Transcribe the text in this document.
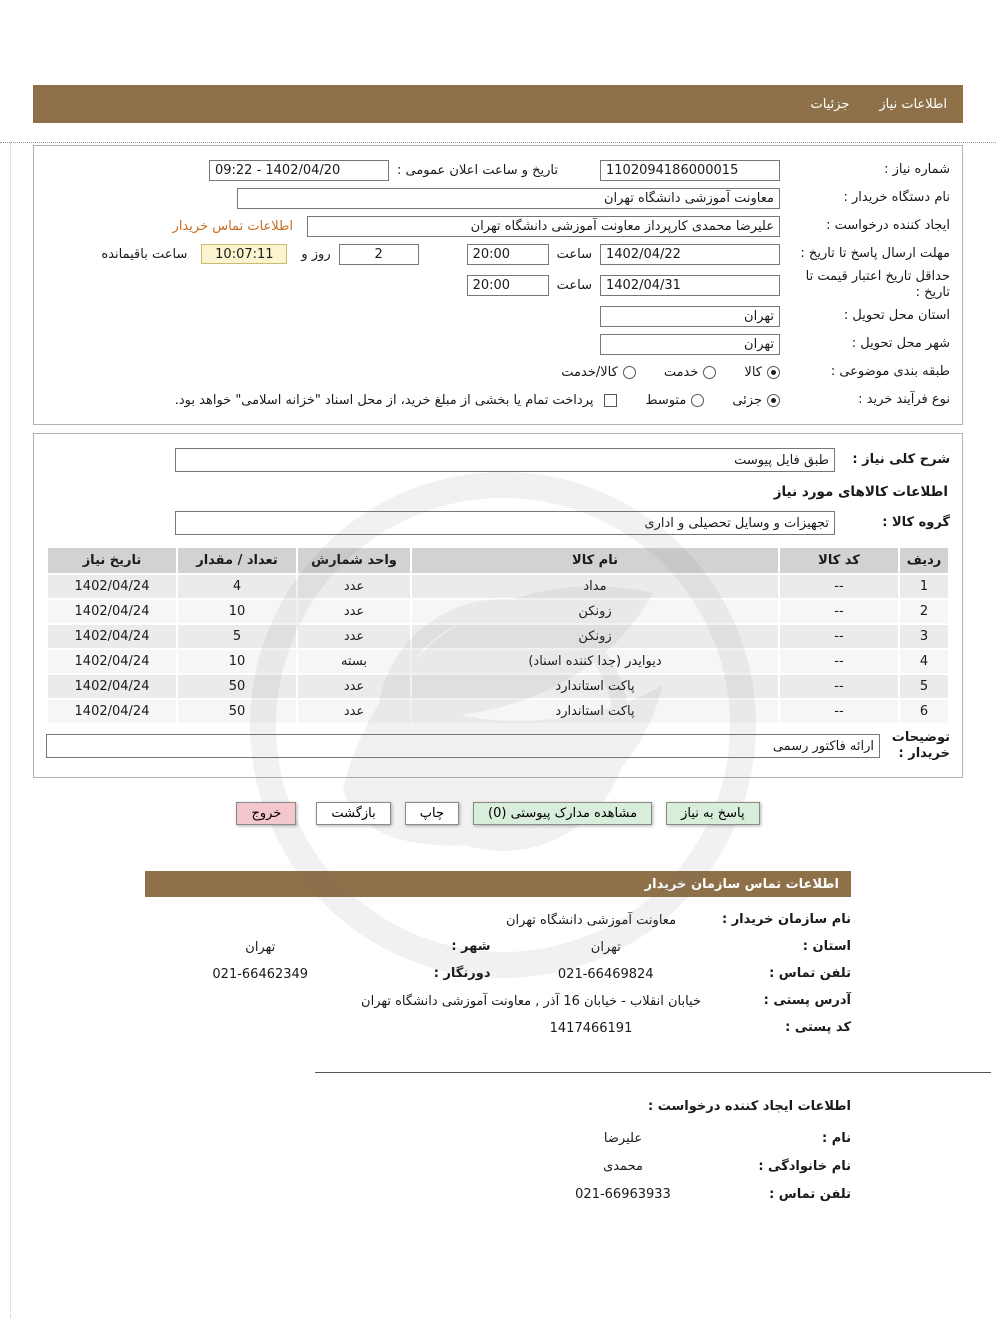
اطلاعات نیاز
جزئیات
شماره نیاز :
1102094186000015
تاریخ و ساعت اعلان عمومی :
09:22 - 1402/04/20
نام دستگاه خریدار :
معاونت آموزشی دانشگاه تهران
ایجاد کننده درخواست :
علیرضا محمدی کارپرداز معاونت آموزشی دانشگاه تهران
اطلاعات تماس خریدار
مهلت ارسال پاسخ تا تاریخ :
1402/04/22
ساعت
20:00
2
روز و
10:07:11
ساعت باقیمانده
حداقل تاریخ اعتبار قیمت تا
تاریخ :
1402/04/31
ساعت
20:00
استان محل تحویل :
تهران
شهر محل تحویل :
تهران
طبقه بندی موضوعی :
کالا
خدمت
کالا/خدمت
نوع فرآیند خرید :
جزئی
متوسط
پرداخت تمام یا بخشی از مبلغ خرید، از محل اسناد "خزانه اسلامی" خواهد بود.
شرح کلی نیاز :
طبق فایل پیوست
اطلاعات کالاهای مورد نیاز
گروه کالا :
تجهیزات و وسایل تحصیلی و اداری
ردیف	کد کالا	نام کالا	واحد شمارش	تعداد / مقدار	تاریخ نیاز
1	--	مداد	عدد	4	1402/04/24
2	--	زونکن	عدد	10	1402/04/24
3	--	زونکن	عدد	5	1402/04/24
4	--	دیوایدر (جدا کننده اسناد)	بسته	10	1402/04/24
5	--	پاکت استاندارد	عدد	50	1402/04/24
6	--	پاکت استاندارد	عدد	50	1402/04/24
توضیحات
خریدار :
ارائه فاکتور رسمی
پاسخ به نیاز
مشاهده مدارک پیوستی (0)
چاپ
بازگشت
خروج
اطلاعات تماس سازمان خریدار
نام سازمان خریدار :
معاونت آموزشی دانشگاه تهران
استان :
تهران
شهر :
تهران
تلفن تماس :
021-66469824
دورنگار :
021-66462349
آدرس پستی :
خیابان انقلاب - خیابان 16 آذر , معاونت آموزشی دانشگاه تهران
کد پستی :
1417466191
اطلاعات ایجاد کننده درخواست :
نام :
علیرضا
نام خانوادگی :
محمدی
تلفن تماس :
021-66963933
